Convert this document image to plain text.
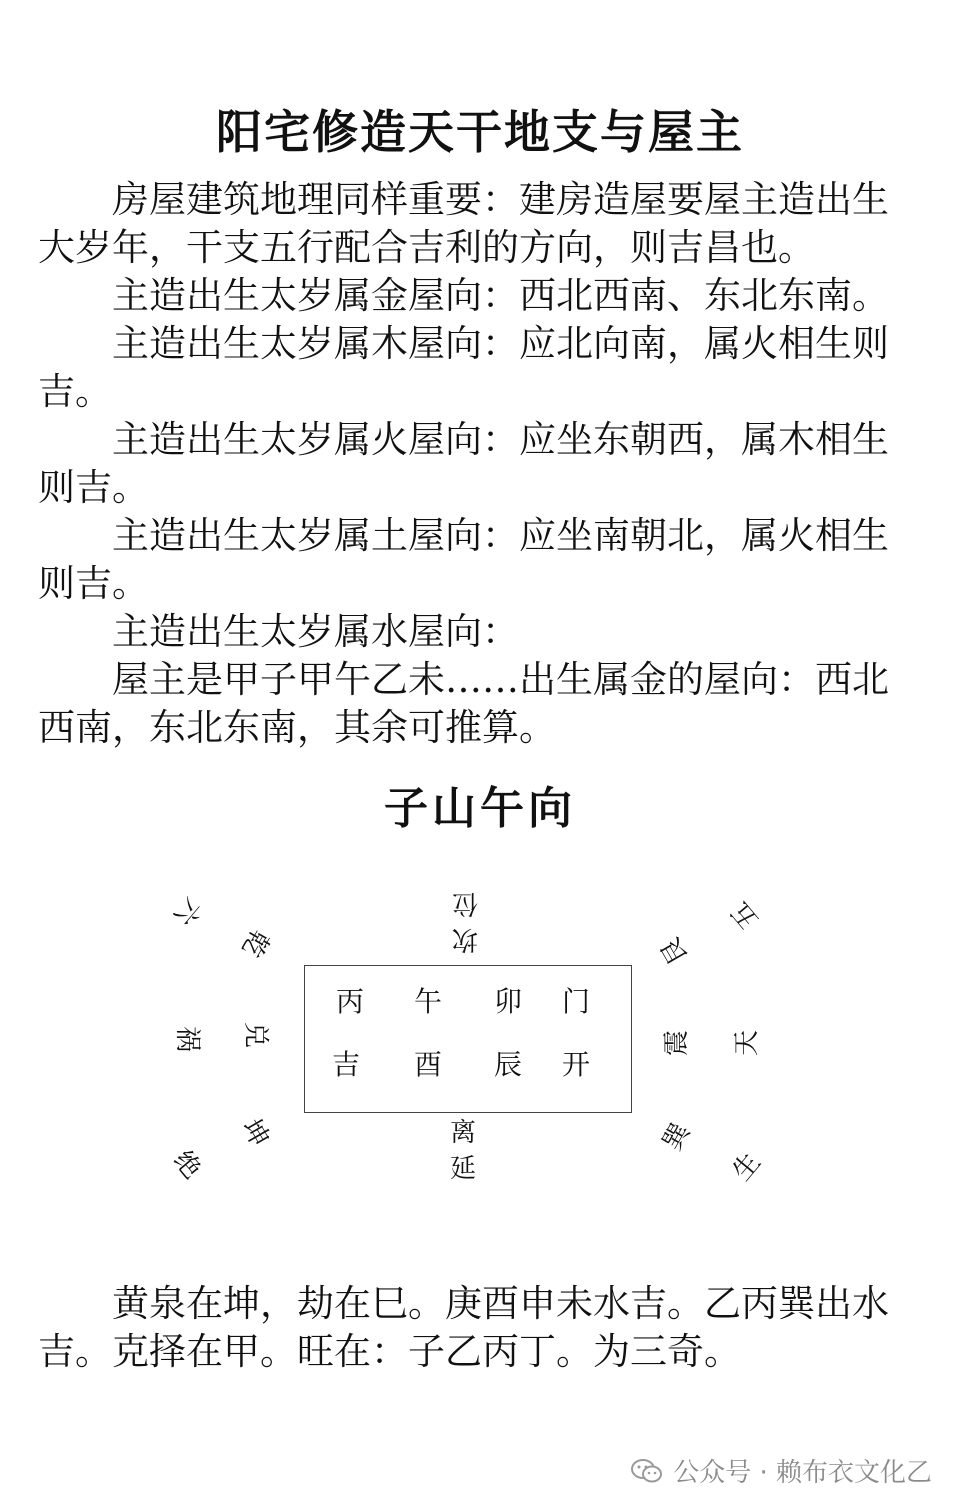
阳宅修造天干地支与屋主

房屋建筑地理同样重要：建房造屋要屋主造出生大岁年，干支五行配合吉利的方向，则吉昌也。

主造出生太岁属金屋向：西北西南、东北东南。

主造出生太岁属木屋向：应北向南，属火相生则吉。

主造出生太岁属火屋向：应坐东朝西，属木相生则吉。

主造出生太岁属土屋向：应坐南朝北，属火相生则吉。

主造出生太岁属水屋向：

屋主是甲子甲午乙未……出生属金的屋向：西北西南，东北东南，其余可推算。

子山午向
丙 午 卯 门
吉 酉 辰 开
坎
位
离
延
乾
兑
坤
六
祸
绝
艮
震
巽
五
天
生

黄泉在坤，劫在巳。庚酉申未水吉。乙丙巽出水吉。克择在甲。旺在：子乙丙丁。为三奇。

公众号 · 赖布衣文化乙
